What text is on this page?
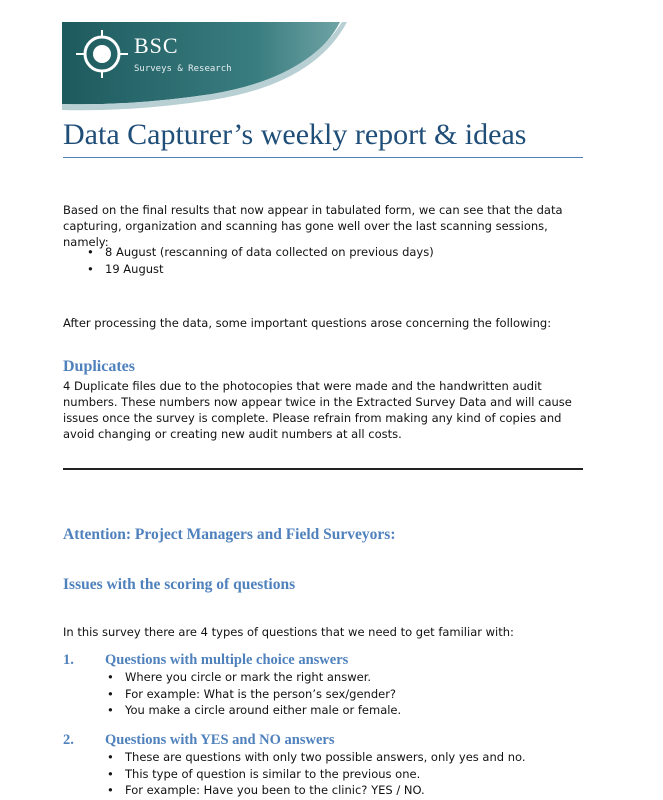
BSC
Surveys & Research
Data Capturer’s weekly report & ideas

Based on the final results that now appear in tabulated form, we can see that the data capturing, organization and scanning has gone well over the last scanning sessions, namely:

• 8 August (rescanning of data collected on previous days)
• 19 August

After processing the data, some important questions arose concerning the following:

Duplicates

4 Duplicate files due to the photocopies that were made and the handwritten audit numbers. These numbers now appear twice in the Extracted Survey Data and will cause issues once the survey is complete. Please refrain from making any kind of copies and avoid changing or creating new audit numbers at all costs.

Attention: Project Managers and Field Surveyors:
Issues with the scoring of questions

In this survey there are 4 types of questions that we need to get familiar with:

1. Questions with multiple choice answers
• Where you circle or mark the right answer.
• For example: What is the person’s sex/gender?
• You make a circle around either male or female.
2. Questions with YES and NO answers
• These are questions with only two possible answers, only yes and no.
• This type of question is similar to the previous one.
• For example: Have you been to the clinic? YES / NO.
